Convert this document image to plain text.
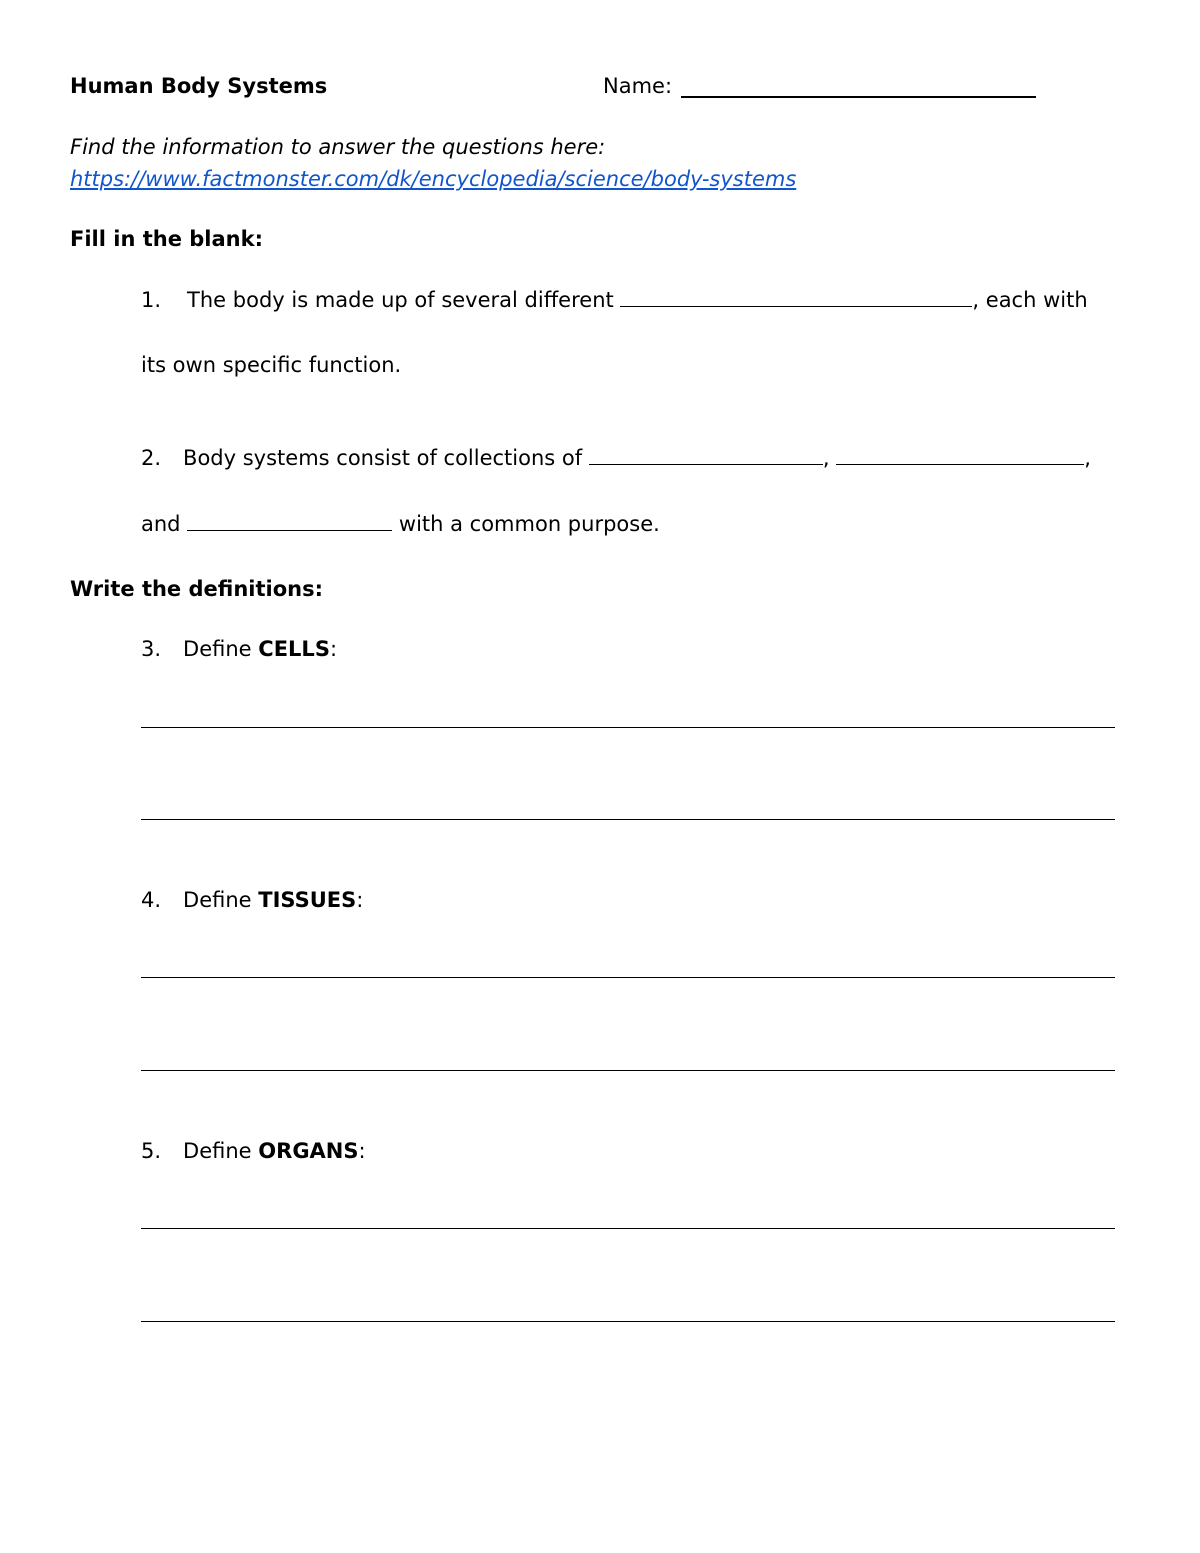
Human Body Systems	Name:
Find the information to answer the questions here:
https://www.factmonster.com/dk/encyclopedia/science/body-systems
Fill in the blank:
1. The body is made up of several different	, each with
its own specific function.
2. Body systems consist of collections of	,	,
and	with a common purpose.
Write the definitions:
3. Define CELLS:
4. Define TISSUES:
5. Define ORGANS:
